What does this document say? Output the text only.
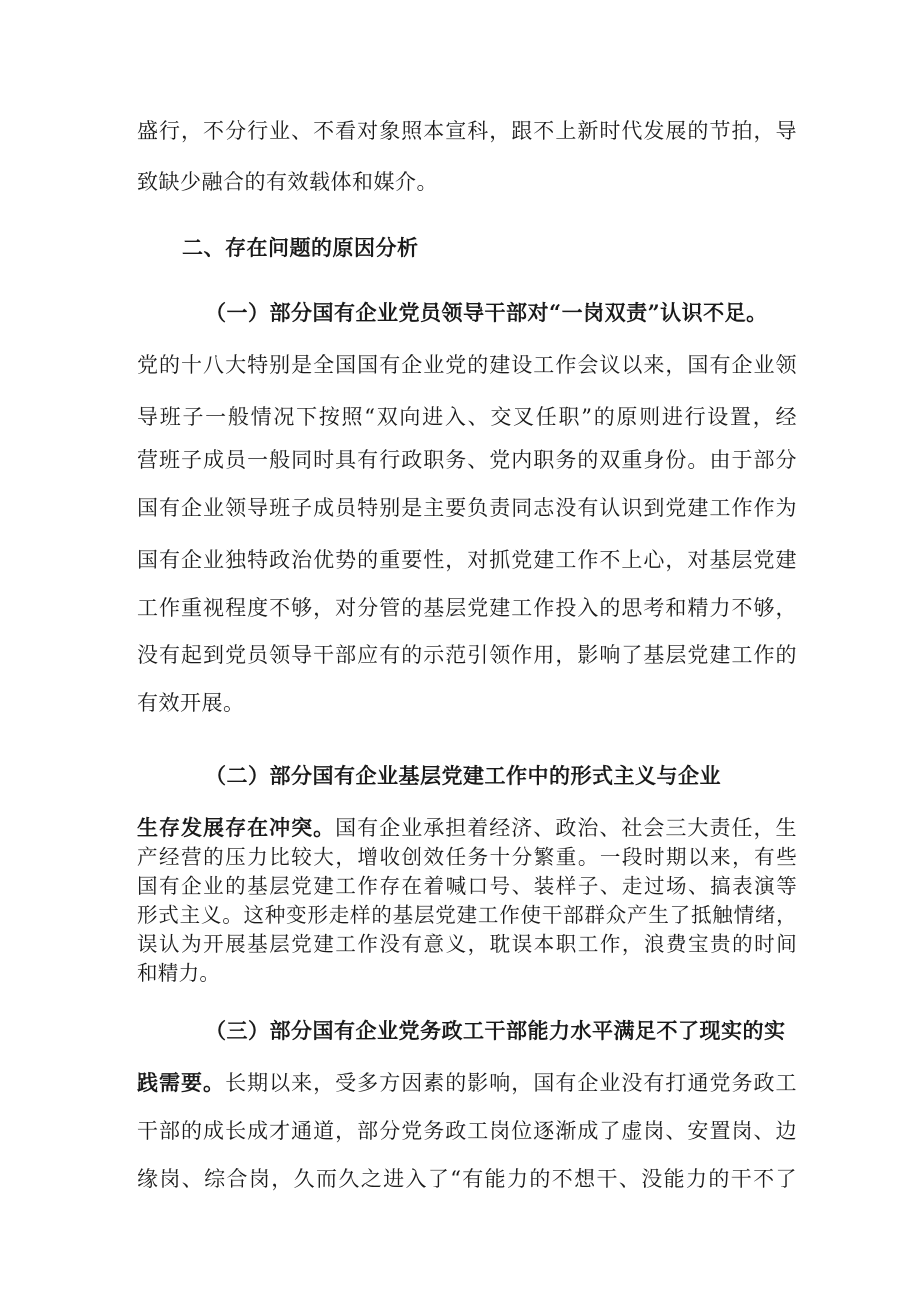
盛行，不分行业、不看对象照本宣科，跟不上新时代发展的节拍，导
致缺少融合的有效载体和媒介。
二、存在问题的原因分析
（一）部分国有企业党员领导干部对“一岗双责”认识不足。
党的十八大特别是全国国有企业党的建设工作会议以来，国有企业领
导班子一般情况下按照“双向进入、交叉任职”的原则进行设置，经
营班子成员一般同时具有行政职务、党内职务的双重身份。由于部分
国有企业领导班子成员特别是主要负责同志没有认识到党建工作作为
国有企业独特政治优势的重要性，对抓党建工作不上心，对基层党建
工作重视程度不够，对分管的基层党建工作投入的思考和精力不够，
没有起到党员领导干部应有的示范引领作用，影响了基层党建工作的
有效开展。
（二）部分国有企业基层党建工作中的形式主义与企业
生存发展存在冲突。国有企业承担着经济、政治、社会三大责任，生
产经营的压力比较大，增收创效任务十分繁重。一段时期以来，有些
国有企业的基层党建工作存在着喊口号、装样子、走过场、搞表演等
形式主义。这种变形走样的基层党建工作使干部群众产生了抵触情绪，
误认为开展基层党建工作没有意义，耽误本职工作，浪费宝贵的时间
和精力。
（三）部分国有企业党务政工干部能力水平满足不了现实的实
践需要。长期以来，受多方因素的影响，国有企业没有打通党务政工
干部的成长成才通道，部分党务政工岗位逐渐成了虚岗、安置岗、边
缘岗、综合岗，久而久之进入了“有能力的不想干、没能力的干不了
